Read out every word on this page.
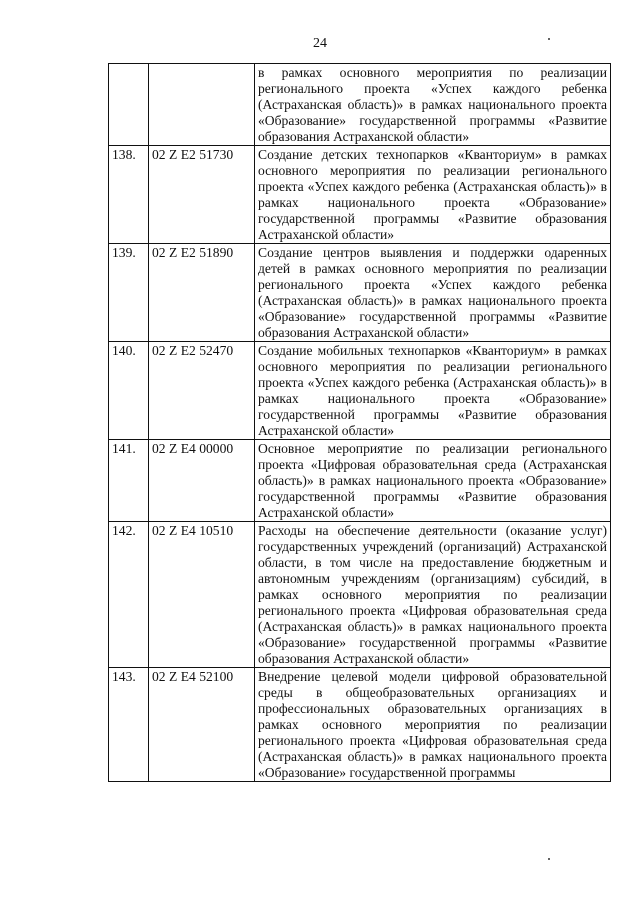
24
		в рамках основного мероприятия по реализации регионального проекта «Успех каждого ребенка (Астраханская область)» в рамках национального проекта «Образование» государственной программы «Развитие образования Астраханской области»
138.	02 Z E2 51730	Создание детских технопарков «Кванториум» в рамках основного мероприятия по реализации регионального проекта «Успех каждого ребенка (Астраханская область)» в рамках национального проекта «Образование» государственной программы «Развитие образования Астраханской области»
139.	02 Z E2 51890	Создание центров выявления и поддержки одаренных детей в рамках основного мероприятия по реализации регионального проекта «Успех каждого ребенка (Астраханская область)» в рамках национального проекта «Образование» государственной программы «Развитие образования Астраханской области»
140.	02 Z E2 52470	Создание мобильных технопарков «Кванториум» в рамках основного мероприятия по реализации регионального проекта «Успех каждого ребенка (Астраханская область)» в рамках национального проекта «Образование» государственной программы «Развитие образования Астраханской области»
141.	02 Z E4 00000	Основное мероприятие по реализации регионального проекта «Цифровая образовательная среда (Астраханская область)» в рамках национального проекта «Образование» государственной программы «Развитие образования Астраханской области»
142.	02 Z E4 10510	Расходы на обеспечение деятельности (оказание услуг) государственных учреждений (организаций) Астраханской области, в том числе на предоставление бюджетным и автономным учреждениям (организациям) субсидий, в рамках основного мероприятия по реализации регионального проекта «Цифровая образовательная среда (Астраханская область)» в рамках национального проекта «Образование» государственной программы «Развитие образования Астраханской области»
143.	02 Z E4 52100	Внедрение целевой модели цифровой образовательной среды в общеобразовательных организациях и профессиональных образовательных организациях в рамках основного мероприятия по реализации регионального проекта «Цифровая образовательная среда (Астраханская область)» в рамках национального проекта «Образование» государственной программы
